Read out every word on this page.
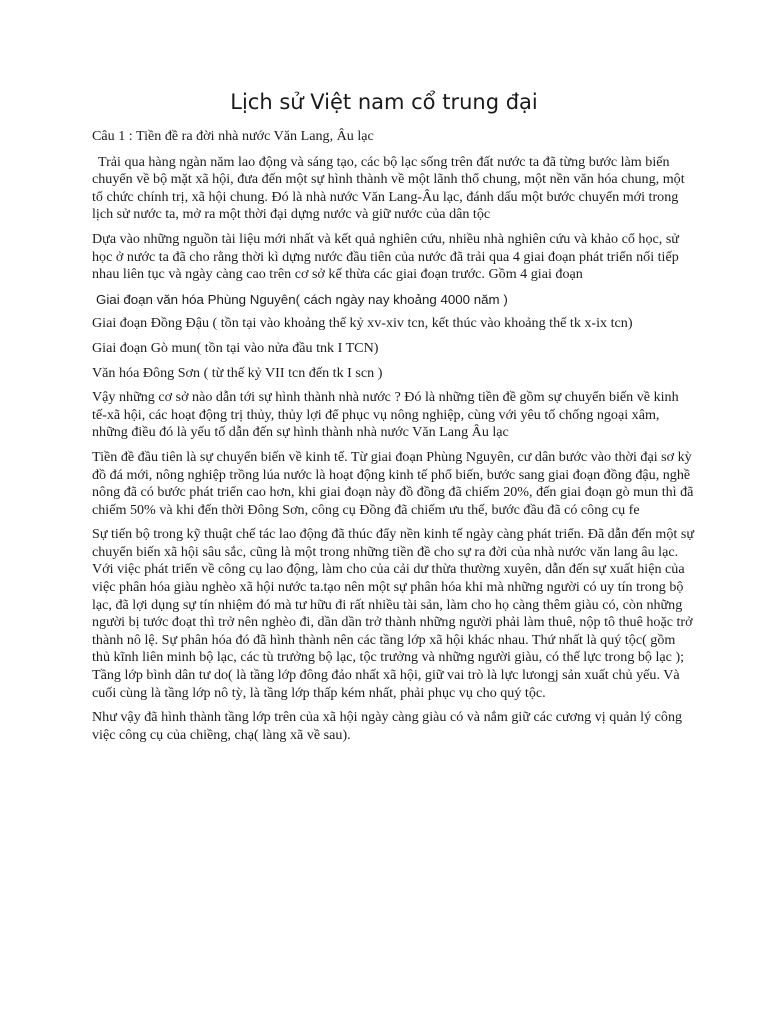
Lịch sử Việt nam cổ trung đại

Câu 1 : Tiền đề ra đời nhà nước Văn Lang, Âu lạc

Trải qua hàng ngàn năm lao động và sáng tạo, các bộ lạc sống trên đất nước ta đã từng bước làm biến chuyển về bộ mặt xã hội, đưa đến một sự hình thành về một lãnh thổ chung, một nền văn hóa chung, một tổ chức chính trị, xã hội chung. Đó là nhà nước Văn Lang-Âu lạc, đánh dấu một bước chuyển mới trong lịch sử nước ta, mở ra một thời đại dựng nước và giữ nước của dân tộc

Dựa vào những nguồn tài liệu mới nhất và kết quả nghiên cứu, nhiều nhà nghiên cứu và khảo cổ học, sử học ở nước ta đã cho rằng thời kì dựng nước đầu tiên của nước đã trải qua 4 giai đoạn phát triển nối tiếp nhau liên tục và ngày càng cao trên cơ sở kế thừa các giai đoạn trước. Gồm 4 giai đoạn

Giai đoạn văn hóa Phùng Nguyên( cách ngày nay khoảng 4000 năm )

Giai đoạn Đồng Đậu ( tồn tại vào khoảng thế kỷ xv-xiv tcn, kết thúc vào khoảng thế tk x-ix tcn)

Giai đoạn Gò mun( tồn tại vào nửa đầu tnk I TCN)

Văn hóa Đông Sơn ( từ thế kỷ VII tcn đến tk I scn )

Vậy những cơ sở nào dẫn tới sự hình thành nhà nước ? Đó là những tiền đề gồm sự chuyển biến về kinh tế-xã hội, các hoạt động trị thủy, thủy lợi để phục vụ nông nghiệp, cùng với yêu tố chống ngoại xâm, những điều đó là yếu tố dẫn đến sự hình thành nhà nước Văn Lang Âu lạc

Tiền đề đầu tiên là sự chuyển biến về kinh tế. Từ giai đoạn Phùng Nguyên, cư dân bước vào thời đại sơ kỳ đồ đá mới, nông nghiệp trồng lúa nước là hoạt động kinh tế phổ biến, bước sang giai đoạn đồng đậu, nghề nông đã có bước phát triển cao hơn, khi giai đoạn này đồ đồng đã chiếm 20%, đến giai đoạn gò mun thì đã chiếm 50% và khi đến thời Đông Sơn, công cụ Đồng đã chiếm ưu thế, bước đầu đã có công cụ fe

Sự tiến bộ trong kỹ thuật chế tác lao động đã thúc đẩy nền kinh tế ngày càng phát triển. Đã dẫn đến một sự chuyển biến xã hội sâu sắc, cũng là một trong những tiền đề cho sự ra đời của nhà nước văn lang âu lạc. Với việc phát triển về công cụ lao động, làm cho của cải dư thừa thường xuyên, dẫn đến sự xuất hiện của việc phân hóa giàu nghèo xã hội nước ta.tạo nên một sự phân hóa khi mà những người có uy tín trong bộ lạc, đã lợi dụng sự tín nhiệm đó mà tư hữu đi rất nhiều tài sản, làm cho họ càng thêm giàu có, còn những người bị tước đoạt thì trở nên nghèo đi, dần dần trở thành những người phải làm thuê, nộp tô thuê hoặc trở thành nô lệ. Sự phân hóa đó đã hình thành nên các tầng lớp xã hội khác nhau. Thứ nhất là quý tộc( gồm thủ kĩnh liên minh bộ lạc, các tù trưởng bộ lạc, tộc trưởng và những người giàu, có thế lực trong bộ lạc ); Tầng lớp bình dân tư do( là tầng lớp đông đảo nhất xã hội, giữ vai trò là lực lưongj sản xuất chủ yếu. Và cuối cùng là tầng lớp nô tỳ, là tầng lớp thấp kém nhất, phải phục vụ cho quý tộc.

Như vậy đã hình thành tầng lớp trên của xã hội ngày càng giàu có và nắm giữ các cương vị quản lý công việc công cụ của chiềng, chạ( làng xã về sau).
